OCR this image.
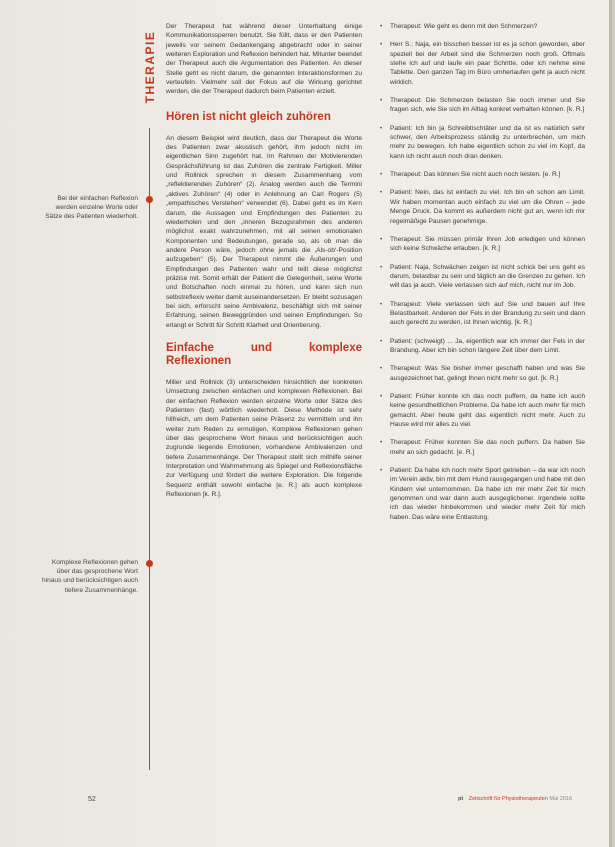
THERAPIE
Bei der einfachen Reflexion werden einzelne Worte oder Sätze des Patienten wiederholt.
Komplexe Reflexionen gehen über das gesprochene Wort hinaus und berücksichtigen auch tiefere Zusammenhänge.

Der Therapeut hat während dieser Unterhaltung einige Kommunikationssperren benutzt. Sie füllt, dass er den Patienten jeweils vor seinem Gedankengang abgebracht oder in seiner weiteren Exploration und Reflexion behindert hat. Mitunter beendet der Therapeut auch die Argumentation des Patienten. An dieser Stelle geht es nicht darum, die genannten Interaktionsformen zu verteufeln. Vielmehr soll der Fokus auf die Wirkung gerichtet werden, die der Therapeut dadurch beim Patienten erzielt.

Hören ist nicht gleich zuhören

An diesem Beispiel wird deutlich, dass der Therapeut die Worte des Patienten zwar akustisch gehört, ihm jedoch nicht im eigentlichen Sinn zugehört hat. Im Rahmen der Motivierenden Gesprächsführung ist das Zuhören die zentrale Fertigkeit. Miller und Rollnick sprechen in diesem Zusammenhang vom „reflektierenden Zuhören“ (2). Analog werden auch die Termini „aktives Zuhören“ (4) oder in Anlehnung an Carl Rogers (5) „empathisches Verstehen“ verwendet (6). Dabei geht es im Kern darum, die Aussagen und Empfindungen des Patienten zu wiederholen und den „inneren Bezugsrahmen des anderen möglichst exakt wahrzunehmen, mit all seinen emotionalen Komponenten und Bedeutungen, gerade so, als ob man die andere Person wäre, jedoch ohne jemals die ‚Als-ob‘-Position aufzugeben“ (5). Der Therapeut nimmt die Äußerungen und Empfindungen des Patienten wahr und teilt diese möglichst präzise mit. Somit erhält der Patient die Gelegenheit, seine Worte und Botschaften noch einmal zu hören, und kann sich nun selbstreflexiv weiter damit auseinandersetzen. Er bleibt sozusagen bei sich, erforscht seine Ambivalenz, beschäftigt sich mit seiner Erfahrung, seinen Beweggründen und seinen Empfindungen. So erlangt er Schritt für Schritt Klarheit und Orientierung.

Einfache und komplexe Reflexionen

Miller und Rollnick (3) unterscheiden hinsichtlich der konkreten Umsetzung zwischen einfachen und komplexen Reflexionen. Bei der einfachen Reflexion werden einzelne Worte oder Sätze des Patienten (fast) wörtlich wiederholt. Diese Methode ist sehr hilfreich, um dem Patienten seine Präsenz zu vermitteln und ihn weiter zum Reden zu ermutigen. Komplexe Reflexionen gehen über das gesprochene Wort hinaus und berücksichtigen auch zugrunde liegende Emotionen, vorhandene Ambivalenzen und tiefere Zusammenhänge. Der Therapeut stellt sich mithilfe seiner Interpretation und Wahrnehmung als Spiegel und Reflexionsfläche zur Verfügung und fördert die weitere Exploration. Die folgende Sequenz enthält sowohl einfache [e. R.] als auch komplexe Reflexionen [k. R.].

• Therapeut: Wie geht es denn mit den Schmerzen?
• Herr S.: Naja, ein bisschen besser ist es ja schon geworden, aber speziell bei der Arbeit sind die Schmerzen noch groß. Oftmals stehe ich auf und laufe ein paar Schritte, oder ich nehme eine Tablette. Den ganzen Tag im Büro umherlaufen geht ja auch nicht wirklich.
• Therapeut: Die Schmerzen belasten Sie noch immer und Sie fragen sich, wie Sie sich im Alltag konkret verhalten können. [k. R.]
• Patient: Ich bin ja Schreibtischtäter und da ist es natürlich sehr schwer, den Arbeitsprozess ständig zu unterbrechen, um mich mehr zu bewegen. Ich habe eigentlich schon zu viel im Kopf, da kann ich nicht auch noch dran denken.
• Therapeut: Das können Sie nicht auch noch leisten. [e. R.]
• Patient: Nein, das ist einfach zu viel. Ich bin eh schon am Limit. Wir haben momentan auch einfach zu viel um die Ohren – jede Menge Druck. Da kommt es außerdem nicht gut an, wenn ich mir regelmäßige Pausen genehmige.
• Therapeut: Sie müssen primär Ihren Job erledigen und können sich keine Schwäche erlauben. [k. R.]
• Patient: Naja, Schwächen zeigen ist nicht schick bei uns geht es darum, belastbar zu sein und täglich an die Grenzen zu gehen. Ich will das ja auch. Viele verlassen sich auf mich, nicht nur im Job.
• Therapeut: Viele verlassen sich auf Sie und bauen auf Ihre Belastbarkeit. Anderen der Fels in der Brandung zu sein und dann auch gerecht zu werden, ist Ihnen wichtig. [k. R.]
• Patient: (schweigt) ... Ja, eigentlich war ich immer der Fels in der Brandung. Aber ich bin schon längere Zeit über dem Limit.
• Therapeut: Was Sie bisher immer geschafft haben und was Sie ausgezeichnet hat, gelingt Ihnen nicht mehr so gut. [k. R.]
• Patient: Früher konnte ich das noch puffern, da hatte ich auch keine gesundheitlichen Probleme. Da habe ich auch mehr für mich gemacht. Aber heute geht das eigentlich nicht mehr. Auch zu Hause wird mir alles zu viel.
• Therapeut: Früher konnten Sie das noch puffern. Da haben Sie mehr an sich gedacht. [e. R.]
• Patient: Da habe ich noch mehr Sport getrieben – da war ich noch im Verein aktiv, bin mit dem Hund rausgegangen und habe mit den Kindern viel unternommen. Da habe ich mir mehr Zeit für mich genommen und war dann auch ausgeglichener. Irgendwie sollte ich das wieder hinbekommen und wieder mehr Zeit für mich haben. Das wäre eine Entlastung.
52	pt Zeitschrift für Physiotherapeuten Mai 2016
